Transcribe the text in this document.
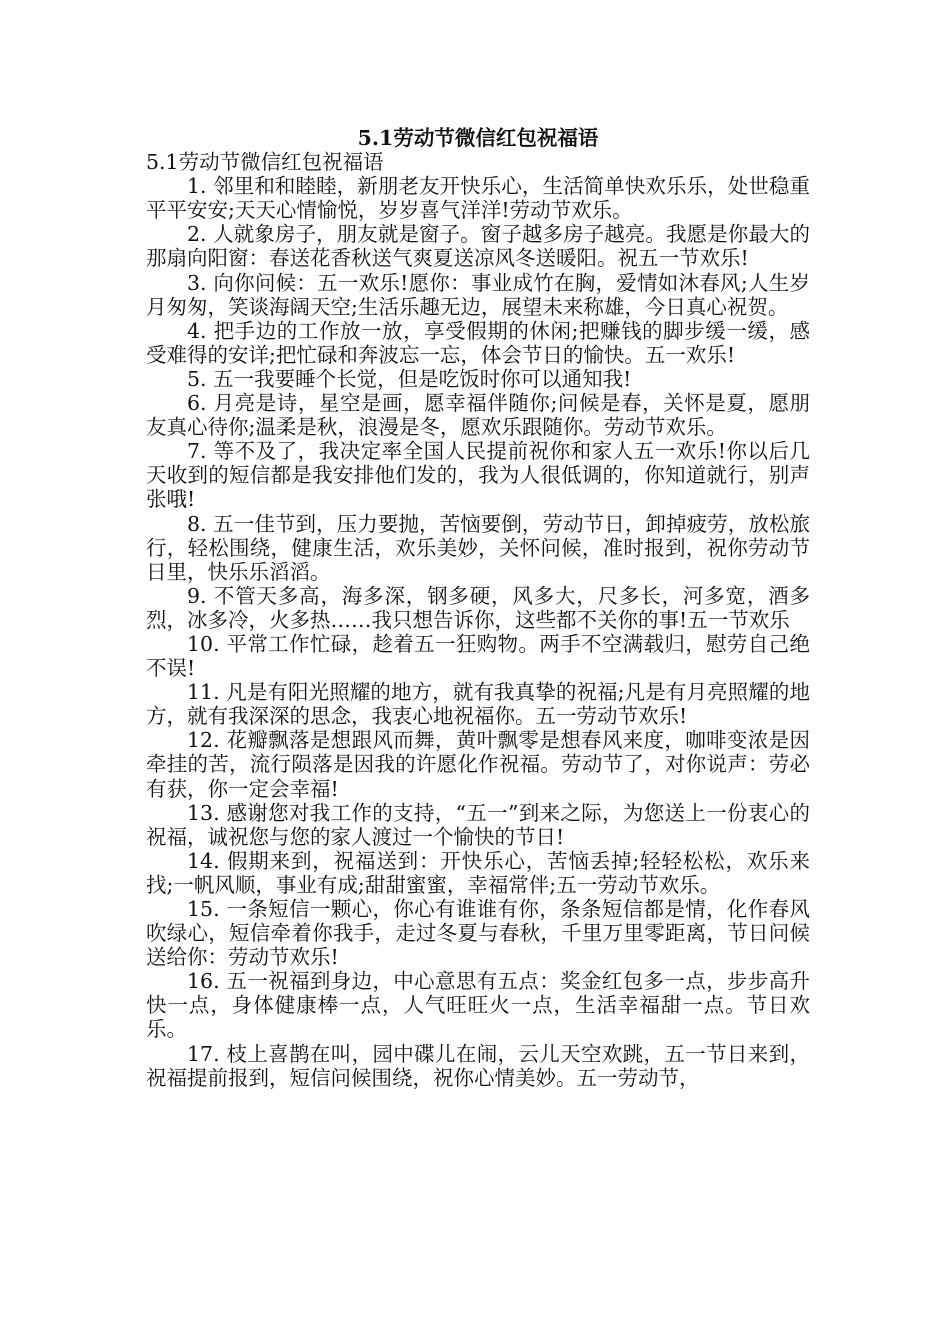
5.1劳动节微信红包祝福语

5.1劳动节微信红包祝福语

1. 邻里和和睦睦，新朋老友开快乐心，生活简单快欢乐乐，处世稳重平平安安;天天心情愉悦，岁岁喜气洋洋!劳动节欢乐。

2. 人就象房子，朋友就是窗子。窗子越多房子越亮。我愿是你最大的那扇向阳窗：春送花香秋送气爽夏送凉风冬送暖阳。祝五一节欢乐!

3. 向你问候：五一欢乐!愿你：事业成竹在胸，爱情如沐春风;人生岁月匆匆，笑谈海阔天空;生活乐趣无边，展望未来称雄，今日真心祝贺。

4. 把手边的工作放一放，享受假期的休闲;把赚钱的脚步缓一缓，感受难得的安详;把忙碌和奔波忘一忘，体会节日的愉快。五一欢乐!

5. 五一我要睡个长觉，但是吃饭时你可以通知我!

6. 月亮是诗，星空是画，愿幸福伴随你;问候是春，关怀是夏，愿朋友真心待你;温柔是秋，浪漫是冬，愿欢乐跟随你。劳动节欢乐。

7. 等不及了，我决定率全国人民提前祝你和家人五一欢乐!你以后几天收到的短信都是我安排他们发的，我为人很低调的，你知道就行，别声张哦!

8. 五一佳节到，压力要抛，苦恼要倒，劳动节日，卸掉疲劳，放松旅行，轻松围绕，健康生活，欢乐美妙，关怀问候，准时报到，祝你劳动节日里，快乐乐滔滔。

9. 不管天多高，海多深，钢多硬，风多大，尺多长，河多宽，酒多烈，冰多冷，火多热……我只想告诉你，这些都不关你的事!五一节欢乐

10. 平常工作忙碌，趁着五一狂购物。两手不空满载归，慰劳自己绝不误!

11. 凡是有阳光照耀的地方，就有我真挚的祝福;凡是有月亮照耀的地方，就有我深深的思念，我衷心地祝福你。五一劳动节欢乐!

12. 花瓣飘落是想跟风而舞，黄叶飘零是想春风来度，咖啡变浓是因牵挂的苦，流行陨落是因我的许愿化作祝福。劳动节了，对你说声：劳必有获，你一定会幸福!

13. 感谢您对我工作的支持，“五一”到来之际，为您送上一份衷心的祝福，诚祝您与您的家人渡过一个愉快的节日!

14. 假期来到，祝福送到：开快乐心，苦恼丢掉;轻轻松松，欢乐来找;一帆风顺，事业有成;甜甜蜜蜜，幸福常伴;五一劳动节欢乐。

15. 一条短信一颗心，你心有谁谁有你，条条短信都是情，化作春风吹绿心，短信牵着你我手，走过冬夏与春秋，千里万里零距离，节日问候送给你：劳动节欢乐!

16. 五一祝福到身边，中心意思有五点：奖金红包多一点，步步高升快一点，身体健康棒一点，人气旺旺火一点，生活幸福甜一点。节日欢乐。

17. 枝上喜鹊在叫，园中碟儿在闹，云儿天空欢跳，五一节日来到，祝福提前报到，短信问候围绕，祝你心情美妙。五一劳动节，
